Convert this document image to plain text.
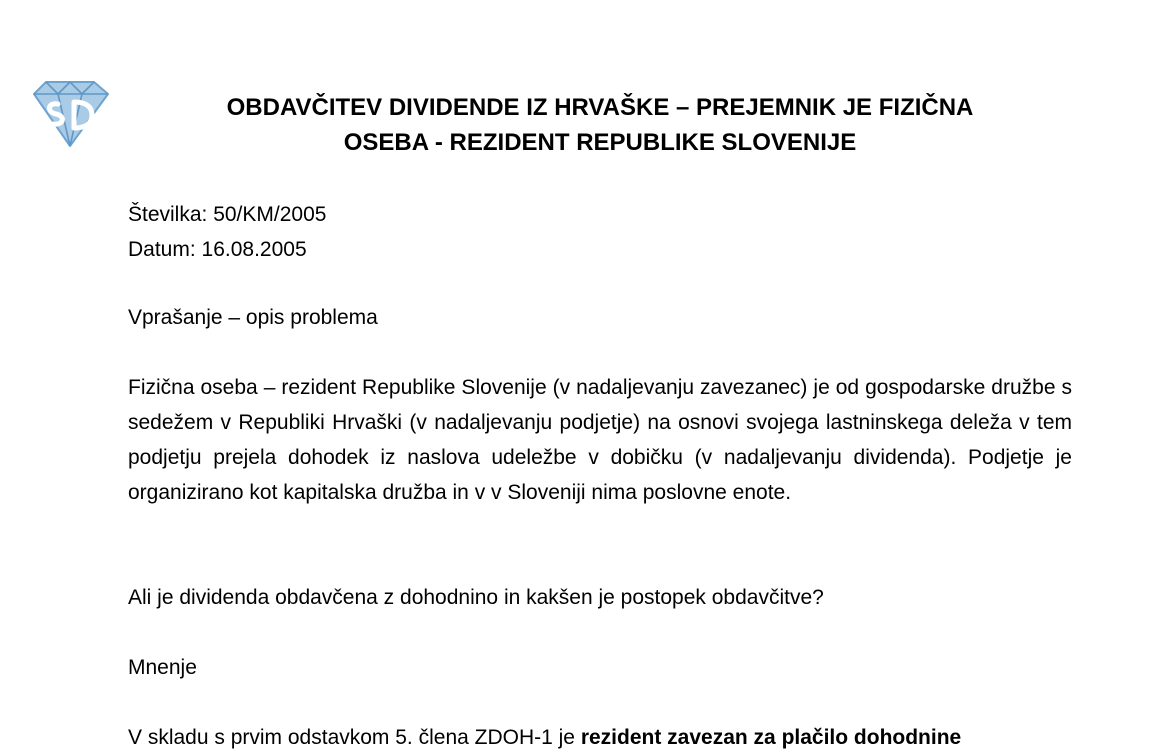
OBDAVČITEV DIVIDENDE IZ HRVAŠKE – PREJEMNIK JE FIZIČNA
OSEBA - REZIDENT REPUBLIKE SLOVENIJE
Številka: 50/KM/2005
Datum: 16.08.2005

Vprašanje – opis problema

Fizična oseba – rezident Republike Slovenije (v nadaljevanju zavezanec) je od gospodarske družbe s sedežem v Republiki Hrvaški (v nadaljevanju podjetje) na osnovi svojega lastninskega deleža v tem podjetju prejela dohodek iz naslova udeležbe v dobičku (v nadaljevanju dividenda). Podjetje je organizirano kot kapitalska družba in v v Sloveniji nima poslovne enote.

Ali je dividenda obdavčena z dohodnino in kakšen je postopek obdavčitve?

Mnenje

V skladu s prvim odstavkom 5. člena ZDOH-1 je rezident zavezan za plačilo dohodnine
